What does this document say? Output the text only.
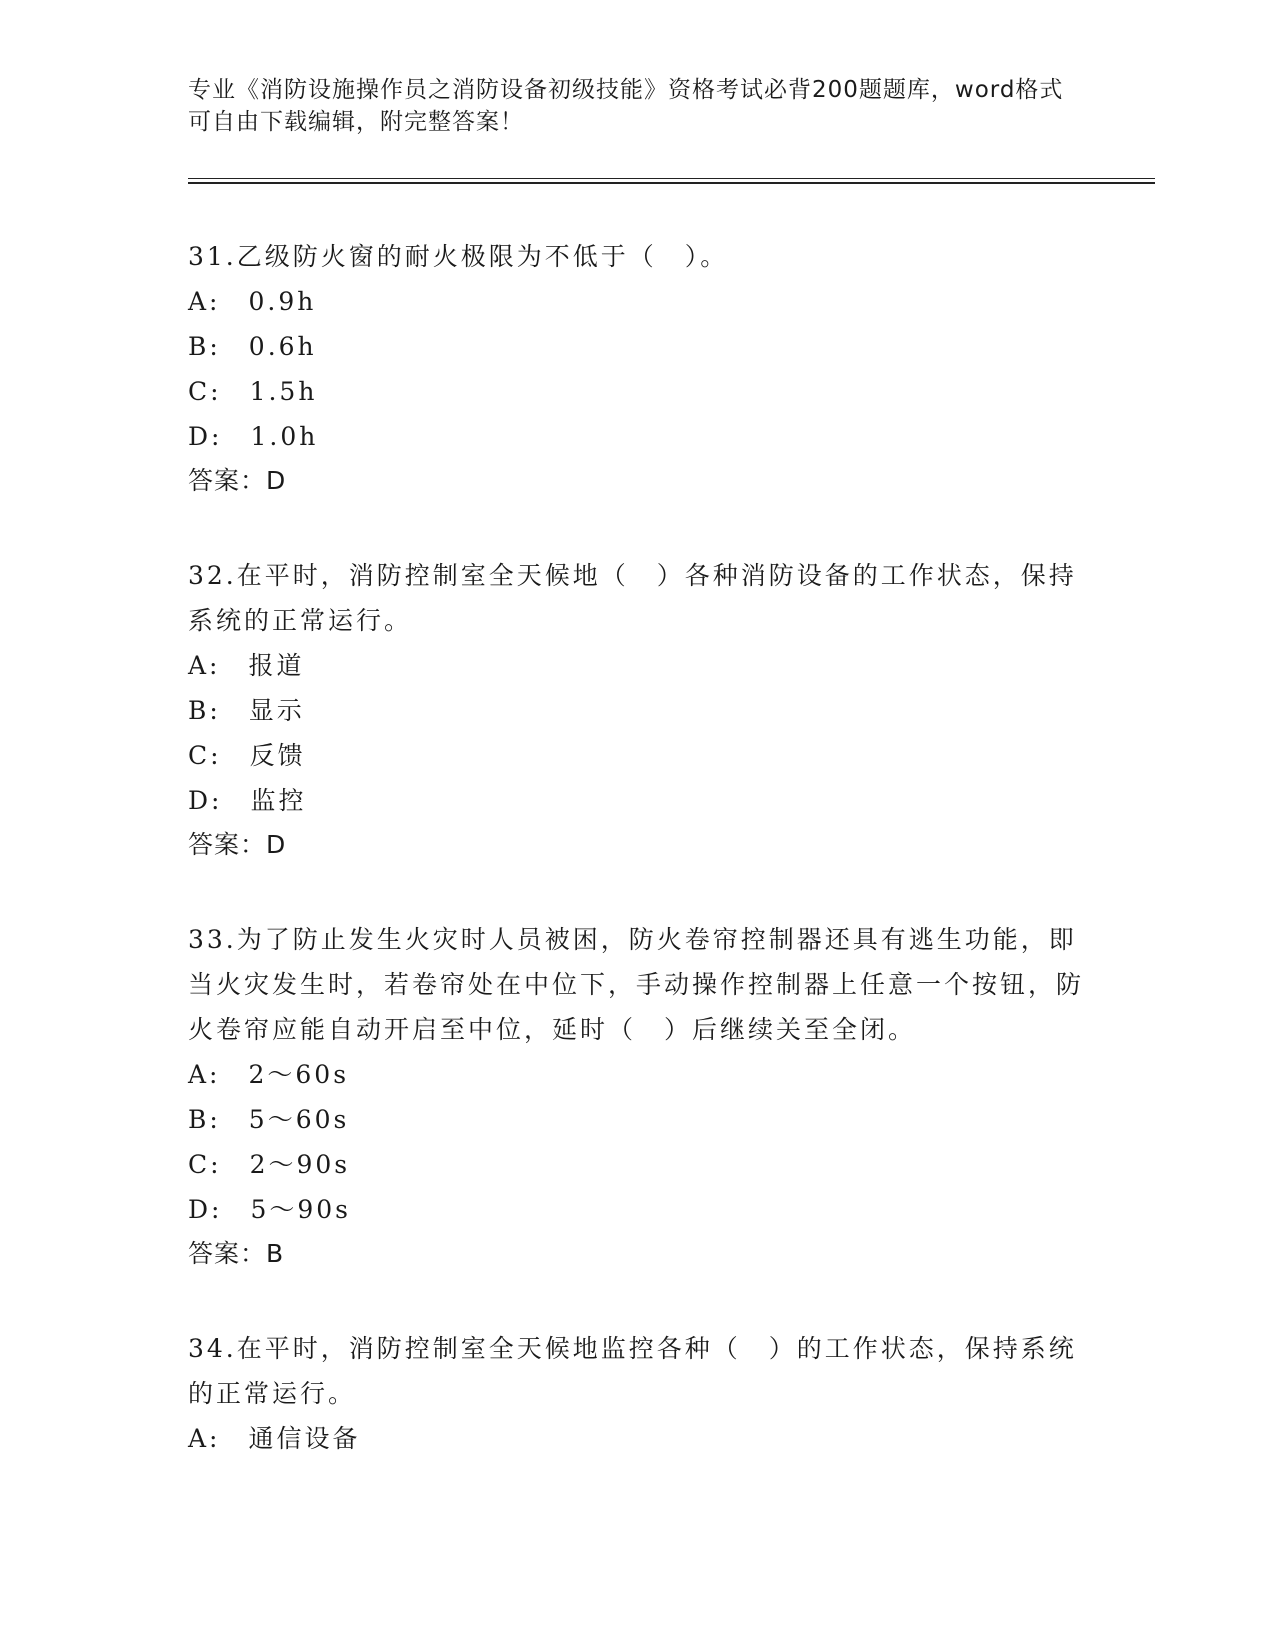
专业《消防设施操作员之消防设备初级技能》资格考试必背200题题库，word格式可自由下载编辑，附完整答案！

31.乙级防火窗的耐火极限为不低于（　）。

A: 0.9h

B: 0.6h

C: 1.5h

D: 1.0h

答案：D

32.在平时，消防控制室全天候地（　）各种消防设备的工作状态，保持系统的正常运行。

A: 报道

B: 显示

C: 反馈

D: 监控

答案：D

33.为了防止发生火灾时人员被困，防火卷帘控制器还具有逃生功能，即当火灾发生时，若卷帘处在中位下，手动操作控制器上任意一个按钮，防火卷帘应能自动开启至中位，延时（　）后继续关至全闭。

A: 2～60s

B: 5～60s

C: 2～90s

D: 5～90s

答案：B

34.在平时，消防控制室全天候地监控各种（　）的工作状态，保持系统的正常运行。

A: 通信设备
